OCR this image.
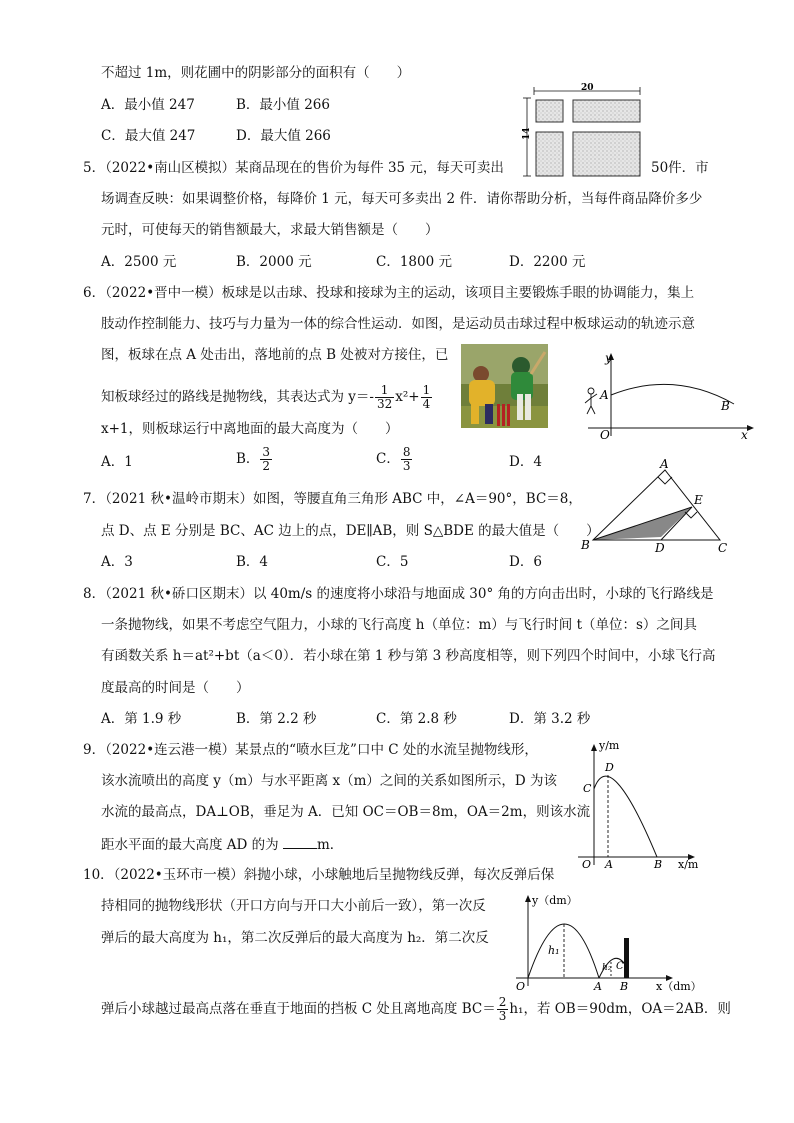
不超过 1m，则花圃中的阴影部分的面积有（　　）
A．最小值 247	B．最小值 266
C．最大值 247	D．最大值 266
20
14
5．（2022•南山区模拟）某商品现在的售价为每件 35 元，每天可卖出	50件．市
场调查反映：如果调整价格，每降价 1 元，每天可多卖出 2 件．请你帮助分析，当每件商品降价多少
元时，可使每天的销售额最大，求最大销售额是（　　）
A．2500 元	B．2000 元	C．1800 元	D．2200 元
6．（2022•晋中一模）板球是以击球、投球和接球为主的运动，该项目主要锻炼手眼的协调能力，集上
肢动作控制能力、技巧与力量为一体的综合性运动．如图，是运动员击球过程中板球运动的轨迹示意
图，板球在点 A 处击出，落地前的点 B 处被对方接住，已
知板球经过的路线是抛物线，其表达式为 $y=- \frac{1}{32} x^2+ \frac{1}{4}$
x+1，则板球运行中离地面的最大高度为（　　）
A．1	B． $\frac{3}{2}$	C． $\frac{8}{3}$	D．4
y
x
O
A
B
7．（2021 秋•温岭市期末）如图，等腰直角三角形 ABC 中，∠A＝90°，BC＝8，
点 D、点 E 分别是 BC、AC 边上的点，DE∥AB，则 S△BDE 的最大值是（　　）
A．3	B．4	C．5	D．6
A
B	C
D
E
8．（2021 秋•硚口区期末）以 40m/s 的速度将小球沿与地面成 30° 角的方向击出时，小球的飞行路线是
一条抛物线，如果不考虑空气阻力，小球的飞行高度 h（单位：m）与飞行时间 t（单位：s）之间具
有函数关系 h＝at²+bt（a＜0）．若小球在第 1 秒与第 3 秒高度相等，则下列四个时间中，小球飞行高
度最高的时间是（　　）
A．第 1.9 秒	B．第 2.2 秒	C．第 2.8 秒	D．第 3.2 秒
9．（2022•连云港一模）某景点的“喷水巨龙”口中 C 处的水流呈抛物线形，
该水流喷出的高度 y（m）与水平距离 x（m）之间的关系如图所示，D 为该
水流的最高点，DA⊥OB，垂足为 A．已知 OC＝OB＝8m，OA＝2m，则该水流
距水平面的最大高度 AD 的为	m．
y/m
x/m
O A	B
C
D
10．（2022•玉环市一模）斜抛小球，小球触地后呈抛物线反弹，每次反弹后保
持相同的抛物线形状（开口方向与开口大小前后一致），第一次反
弹后的最大高度为 h₁，第二次反弹后的最大高度为 h₂．第二次反
弹后小球越过最高点落在垂直于地面的挡板 C 处且离地高度 $BC= \frac{2}{3} h_1$，若 OB＝90dm，OA＝2AB．则
y（dm）
x（dm）
O	A B
C
h₁
h₂
